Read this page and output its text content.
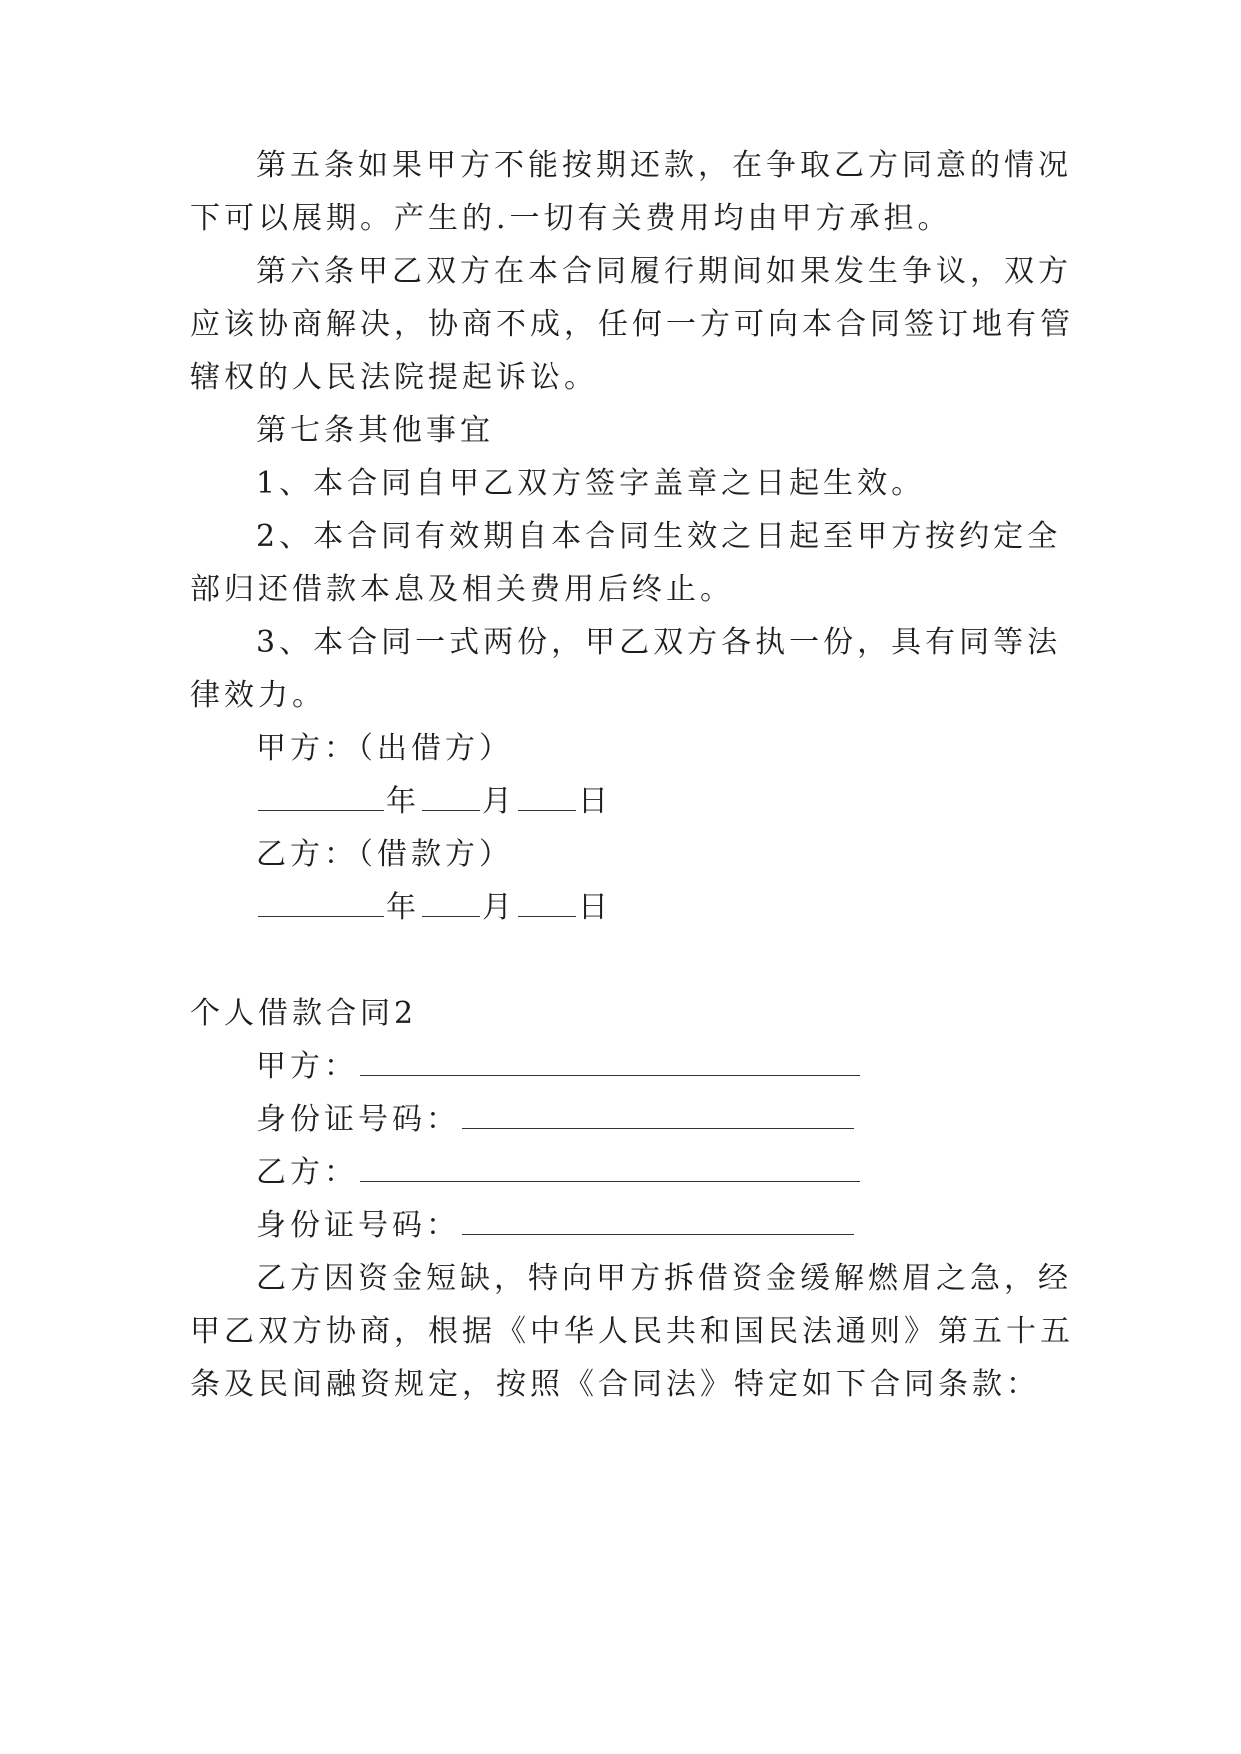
第五条如果甲方不能按期还款，在争取乙方同意的情况
下可以展期。产生的.一切有关费用均由甲方承担。
第六条甲乙双方在本合同履行期间如果发生争议，双方
应该协商解决，协商不成，任何一方可向本合同签订地有管
辖权的人民法院提起诉讼。
第七条其他事宜
1、本合同自甲乙双方签字盖章之日起生效。
2、本合同有效期自本合同生效之日起至甲方按约定全
部归还借款本息及相关费用后终止。
3、本合同一式两份，甲乙双方各执一份，具有同等法
律效力。
甲方：（出借方）
年 月 日
乙方：（借款方）
年 月 日
个人借款合同2
甲方：
身份证号码：
乙方：
身份证号码：
乙方因资金短缺，特向甲方拆借资金缓解燃眉之急，经
甲乙双方协商，根据《中华人民共和国民法通则》第五十五
条及民间融资规定，按照《合同法》特定如下合同条款：
